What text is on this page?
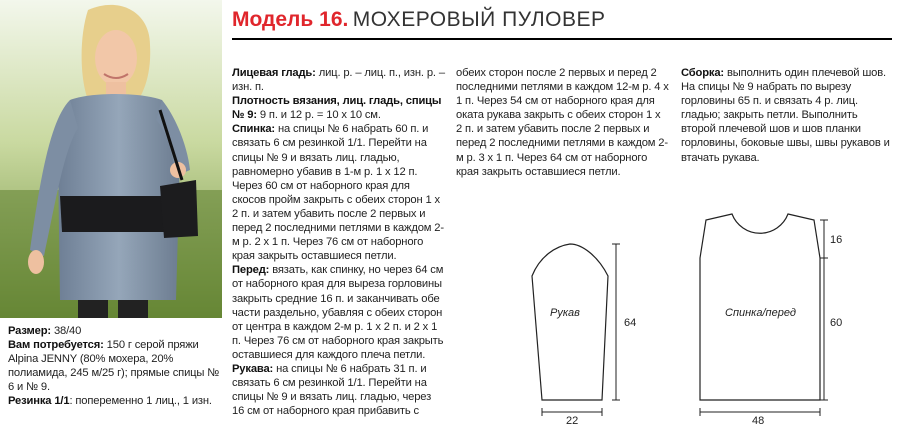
Модель 16. МОХЕРОВЫЙ ПУЛОВЕР

Размер: 38/40

Вам потребуется: 150 г серой пряжи Alpina JENNY (80% мохера, 20% полиамида, 245 м/25 г); прямые спицы № 6 и № 9.

Резинка 1/1: попеременно 1 лиц., 1 изн.

Лицевая гладь: лиц. р. – лиц. п., изн. р. – изн. п.

Плотность вязания, лиц. гладь, спицы № 9: 9 п. и 12 р. = 10 х 10 см.

Спинка: на спицы № 6 набрать 60 п. и связать 6 см резинкой 1/1. Перейти на спицы № 9 и вязать лиц. гладью, равномерно убавив в 1-м р. 1 х 12 п. Через 60 см от наборного края для скосов пройм закрыть с обеих сторон 1 х 2 п. и затем убавить после 2 первых и перед 2 последними петлями в каждом 2-м р. 2 х 1 п. Через 76 см от наборного края закрыть оставшиеся петли.

Перед: вязать, как спинку, но через 64 см от наборного края для выреза горловины закрыть средние 16 п. и заканчивать обе части раздельно, убавляя с обеих сторон от центра в каждом 2-м р. 1 х 2 п. и 2 х 1 п. Через 76 см от наборного края закрыть оставшиеся для каждого плеча петли.

Рукава: на спицы № 6 набрать 31 п. и связать 6 см резинкой 1/1. Перейти на спицы № 9 и вязать лиц. гладью, через 16 см от наборного края прибавить с

Сборка: выполнить один плечевой шов. На спицы № 9 набрать по вырезу горловины 65 п. и связать 4 р. лиц. гладью; закрыть петли. Выполнить второй плечевой шов и шов планки горловины, боковые швы, швы рукавов и втачать рукава.

Рукав
22
64
Спинка/перед
48
16
60

обеих сторон после 2 первых и перед 2 последними петлями в каждом 12-м р. 4 х 1 п. Через 54 см от наборного края для оката рукава закрыть с обеих сторон 1 х 2 п. и затем убавить после 2 первых и перед 2 последними петлями в каждом 2-м р. 3 х 1 п. Через 64 см от наборного края закрыть оставшиеся петли.
